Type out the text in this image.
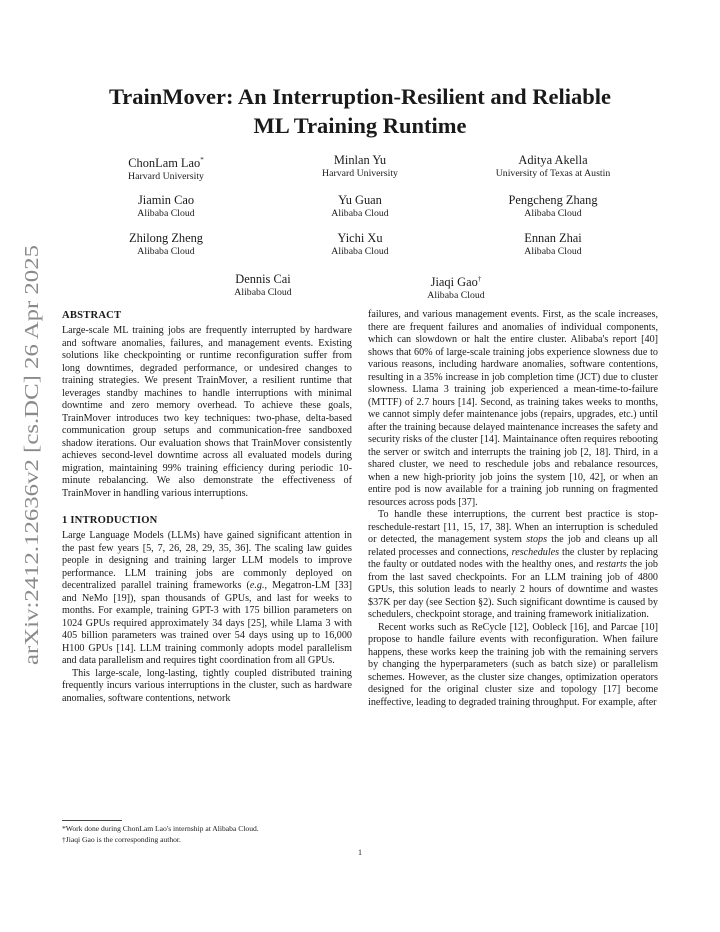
arXiv:2412.12636v2 [cs.DC] 26 Apr 2025
TrainMover: An Interruption-Resilient and Reliable
ML Training Runtime
ChonLam Lao*
Harvard University
Minlan Yu
Harvard University
Aditya Akella
University of Texas at Austin
Jiamin Cao
Alibaba Cloud
Yu Guan
Alibaba Cloud
Pengcheng Zhang
Alibaba Cloud
Zhilong Zheng
Alibaba Cloud
Yichi Xu
Alibaba Cloud
Ennan Zhai
Alibaba Cloud
Dennis Cai
Alibaba Cloud
Jiaqi Gao†
Alibaba Cloud
ABSTRACT

Large-scale ML training jobs are frequently interrupted by hardware and software anomalies, failures, and management events. Existing solutions like checkpointing or runtime reconfiguration suffer from long downtimes, degraded performance, or undesired changes to training strategies. We present TrainMover, a resilient runtime that leverages standby machines to handle interruptions with minimal downtime and zero memory overhead. To achieve these goals, TrainMover introduces two key techniques: two-phase, delta-based communication group setups and communication-free sandboxed shadow iterations. Our evaluation shows that TrainMover consistently achieves second-level downtime across all evaluated models during migration, maintaining 99% training efficiency during periodic 10-minute rebalancing. We also demonstrate the effectiveness of TrainMover in handling various interruptions.

1 INTRODUCTION

Large Language Models (LLMs) have gained significant attention in the past few years [5, 7, 26, 28, 29, 35, 36]. The scaling law guides people in designing and training larger LLM models to improve performance. LLM training jobs are commonly deployed on decentralized parallel training frameworks (e.g., Megatron-LM [33] and NeMo [19]), span thousands of GPUs, and last for weeks to months. For example, training GPT-3 with 175 billion parameters on 1024 GPUs required approximately 34 days [25], while Llama 3 with 405 billion parameters was trained over 54 days using up to 16,000 H100 GPUs [14]. LLM training commonly adopts model parallelism and data parallelism and requires tight coordination from all GPUs.

This large-scale, long-lasting, tightly coupled distributed training frequently incurs various interruptions in the cluster, such as hardware anomalies, software contentions, network

failures, and various management events. First, as the scale increases, there are frequent failures and anomalies of individual components, which can slowdown or halt the entire cluster. Alibaba's report [40] shows that 60% of large-scale training jobs experience slowness due to various reasons, including hardware anomalies, software contentions, resulting in a 35% increase in job completion time (JCT) due to cluster slowness. Llama 3 training job experienced a mean-time-to-failure (MTTF) of 2.7 hours [14]. Second, as training takes weeks to months, we cannot simply defer maintenance jobs (repairs, upgrades, etc.) until after the training because delayed maintenance increases the safety and security risks of the cluster [14]. Maintainance often requires rebooting the server or switch and interrupts the training job [2, 18]. Third, in a shared cluster, we need to reschedule jobs and rebalance resources, when a new high-priority job joins the system [10, 42], or when an entire pod is now available for a training job running on fragmented resources across pods [37].

To handle these interruptions, the current best practice is stop-reschedule-restart [11, 15, 17, 38]. When an interruption is scheduled or detected, the management system stops the job and cleans up all related processes and connections, reschedules the cluster by replacing the faulty or outdated nodes with the healthy ones, and restarts the job from the last saved checkpoints. For an LLM training job of 4800 GPUs, this solution leads to nearly 2 hours of downtime and wastes $37K per day (see Section §2). Such significant downtime is caused by schedulers, checkpoint storage, and training framework initialization.

Recent works such as ReCycle [12], Oobleck [16], and Parcae [10] propose to handle failure events with reconfiguration. When failure happens, these works keep the training job with the remaining servers by changing the hyperparameters (such as batch size) or parallelism schemes. However, as the cluster size changes, optimization operators designed for the original cluster size and topology [17] become ineffective, leading to degraded training throughput. For example, after

*Work done during ChonLam Lao's internship at Alibaba Cloud.
†Jiaqi Gao is the corresponding author.
1
